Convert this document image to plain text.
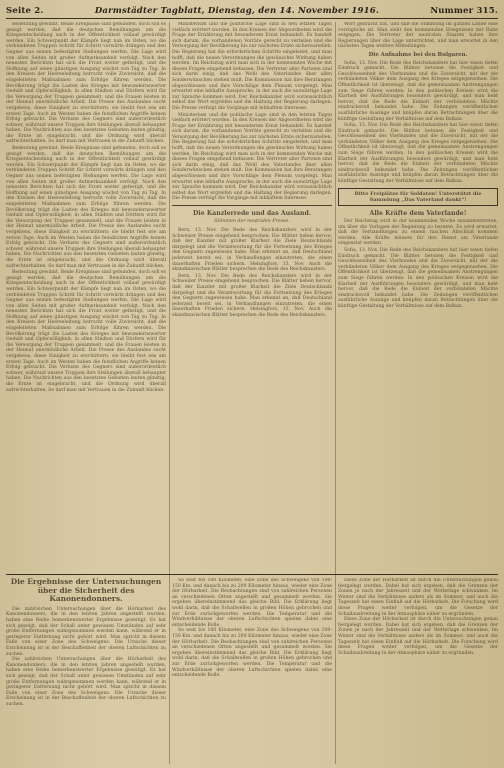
Seite 2.	Darmstädter Tagblatt, Dienstag, den 14. November 1916.	Nummer 315.

Bedeutung gewinnt. Beide Ereignisse sind gebunden, doch soll es gesagt werden, daß die deutschen Bemühungen um die Kriegsentscheidung auch in der Öffentlichkeit vollauf gewürdigt werden. Ein Schwerpunkt der Kämpfe liegt nun im Osten, wo die verbündeten Truppen Schritt für Schritt vorwärts drängen und den Gegner aus seinen befestigten Stellungen werfen. Die Lage wird von allen Seiten mit großer Aufmerksamkeit verfolgt. Nach den neuesten Berichten hat sich die Front weiter gefestigt, und die Hoffnung auf einen günstigen Ausgang wächst von Tag zu Tag. In den Kreisen der Heeresleitung herrscht volle Zuversicht, daß die eingeleiteten Maßnahmen zum Erfolge führen werden. Die Bevölkerung trägt die Lasten des Krieges mit bewundernswerter Geduld und Opferwilligkeit; in allen Städten und Dörfern wird für die Versorgung der Truppen gesammelt, und die Frauen leisten in der Heimat unermüdliche Arbeit. Die Presse des Auslandes sucht vergebens, diese Einigkeit zu erschüttern; sie bleibt fest wie am ersten Tage. Auch im Westen haben die feindlichen Angriffe keinen Erfolg gebracht. Die Verluste des Gegners sind außerordentlich schwer, während unsere Truppen ihre Stellungen überall behauptet haben. Die Nachrichten aus den besetzten Gebieten lauten günstig; die Ernte ist eingebracht, und die Ordnung wird überall aufrechterhalten. So darf man mit Vertrauen in die Zukunft blicken.

Bedeutung gewinnt. Beide Ereignisse sind gebunden, doch soll es gesagt werden, daß die deutschen Bemühungen um die Kriegsentscheidung auch in der Öffentlichkeit vollauf gewürdigt werden. Ein Schwerpunkt der Kämpfe liegt nun im Osten, wo die verbündeten Truppen Schritt für Schritt vorwärts drängen und den Gegner aus seinen befestigten Stellungen werfen. Die Lage wird von allen Seiten mit großer Aufmerksamkeit verfolgt. Nach den neuesten Berichten hat sich die Front weiter gefestigt, und die Hoffnung auf einen günstigen Ausgang wächst von Tag zu Tag. In den Kreisen der Heeresleitung herrscht volle Zuversicht, daß die eingeleiteten Maßnahmen zum Erfolge führen werden. Die Bevölkerung trägt die Lasten des Krieges mit bewundernswerter Geduld und Opferwilligkeit; in allen Städten und Dörfern wird für die Versorgung der Truppen gesammelt, und die Frauen leisten in der Heimat unermüdliche Arbeit. Die Presse des Auslandes sucht vergebens, diese Einigkeit zu erschüttern; sie bleibt fest wie am ersten Tage. Auch im Westen haben die feindlichen Angriffe keinen Erfolg gebracht. Die Verluste des Gegners sind außerordentlich schwer, während unsere Truppen ihre Stellungen überall behauptet haben. Die Nachrichten aus den besetzten Gebieten lauten günstig; die Ernte ist eingebracht, und die Ordnung wird überall aufrechterhalten. So darf man mit Vertrauen in die Zukunft blicken.

Bedeutung gewinnt. Beide Ereignisse sind gebunden, doch soll es gesagt werden, daß die deutschen Bemühungen um die Kriegsentscheidung auch in der Öffentlichkeit vollauf gewürdigt werden. Ein Schwerpunkt der Kämpfe liegt nun im Osten, wo die verbündeten Truppen Schritt für Schritt vorwärts drängen und den Gegner aus seinen befestigten Stellungen werfen. Die Lage wird von allen Seiten mit großer Aufmerksamkeit verfolgt. Nach den neuesten Berichten hat sich die Front weiter gefestigt, und die Hoffnung auf einen günstigen Ausgang wächst von Tag zu Tag. In den Kreisen der Heeresleitung herrscht volle Zuversicht, daß die eingeleiteten Maßnahmen zum Erfolge führen werden. Die Bevölkerung trägt die Lasten des Krieges mit bewundernswerter Geduld und Opferwilligkeit; in allen Städten und Dörfern wird für die Versorgung der Truppen gesammelt, und die Frauen leisten in der Heimat unermüdliche Arbeit. Die Presse des Auslandes sucht vergebens, diese Einigkeit zu erschüttern; sie bleibt fest wie am ersten Tage. Auch im Westen haben die feindlichen Angriffe keinen Erfolg gebracht. Die Verluste des Gegners sind außerordentlich schwer, während unsere Truppen ihre Stellungen überall behauptet haben. Die Nachrichten aus den besetzten Gebieten lauten günstig; die Ernte ist eingebracht, und die Ordnung wird überall aufrechterhalten. So darf man mit Vertrauen in die Zukunft blicken.

Ministerium und die politische Lage sind in den letzten Tagen vielfach erörtert worden. In den Kreisen der Abgeordneten wird die Frage der Ernährung mit besonderem Ernst behandelt. Es handelt sich darum, die vorhandenen Vorräte gerecht zu verteilen und die Versorgung der Bevölkerung bis zur nächsten Ernte sicherzustellen. Die Regierung hat die erforderlichen Schritte eingeleitet, und man hofft, daß die neuen Verordnungen die gewünschte Wirkung haben werden. Im Reichstag wird man sich in der kommenden Woche mit diesen Fragen eingehend befassen. Die Vertreter aller Parteien sind sich darin einig, daß das Wohl des Vaterlandes über allen Sonderwünschen stehen muß. Die Kommission hat ihre Beratungen abgeschlossen und ihre Vorschläge dem Plenum vorgelegt. Man erwartet eine lebhafte Aussprache, in der auch die auswärtige Lage zur Sprache kommen wird. Der Reichskanzler wird voraussichtlich selbst das Wort ergreifen und die Haltung der Regierung darlegen. Die Presse verfolgt die Vorgänge mit lebhaftem Interesse.

Ministerium und die politische Lage sind in den letzten Tagen vielfach erörtert worden. In den Kreisen der Abgeordneten wird die Frage der Ernährung mit besonderem Ernst behandelt. Es handelt sich darum, die vorhandenen Vorräte gerecht zu verteilen und die Versorgung der Bevölkerung bis zur nächsten Ernte sicherzustellen. Die Regierung hat die erforderlichen Schritte eingeleitet, und man hofft, daß die neuen Verordnungen die gewünschte Wirkung haben werden. Im Reichstag wird man sich in der kommenden Woche mit diesen Fragen eingehend befassen. Die Vertreter aller Parteien sind sich darin einig, daß das Wohl des Vaterlandes über allen Sonderwünschen stehen muß. Die Kommission hat ihre Beratungen abgeschlossen und ihre Vorschläge dem Plenum vorgelegt. Man erwartet eine lebhafte Aussprache, in der auch die auswärtige Lage zur Sprache kommen wird. Der Reichskanzler wird voraussichtlich selbst das Wort ergreifen und die Haltung der Regierung darlegen. Die Presse verfolgt die Vorgänge mit lebhaftem Interesse.

Die Kanzlerrede und das Ausland.
Stimmen der neutralen Presse.

Bern, 13. Nov. Die Rede des Reichskanzlers wird in der Schweizer Presse eingehend besprochen. Die Blätter heben hervor, daß der Kanzler mit großer Klarheit die Ziele Deutschlands dargelegt und die Verantwortung für die Fortsetzung des Krieges den Gegnern zugewiesen habe. Man erkennt an, daß Deutschland jederzeit bereit sei, in Verhandlungen einzutreten, die einen dauerhaften Frieden sichern. Helsingfors, 13. Nov. Auch die skandinavischen Blätter besprechen die Rede des Reichskanzlers.

Bern, 13. Nov. Die Rede des Reichskanzlers wird in der Schweizer Presse eingehend besprochen. Die Blätter heben hervor, daß der Kanzler mit großer Klarheit die Ziele Deutschlands dargelegt und die Verantwortung für die Fortsetzung des Krieges den Gegnern zugewiesen habe. Man erkennt an, daß Deutschland jederzeit bereit sei, in Verhandlungen einzutreten, die einen dauerhaften Frieden sichern. Helsingfors, 13. Nov. Auch die skandinavischen Blätter besprechen die Rede des Reichskanzlers.

Wort gebracht hat, und daß die Stimmung im ganzen Lande eine vorzügliche ist. Man sieht den kommenden Ereignissen mit Ruhe entgegen. Die Vertreter der neutralen Staaten haben ihre Regierungen über die Lage unterrichtet, und man erwartet in den nächsten Tagen weitere Mitteilungen.

Die Aufnahme bei den Bulgaren.

Sofia, 13. Nov. Die Rede des Reichskanzlers hat hier einen tiefen Eindruck gemacht. Die Blätter betonen die Festigkeit und Geschlossenheit des Vierbundes und die Zuversicht, mit der die verbündeten Völker dem Ausgang des Krieges entgegensehen. Die Öffentlichkeit ist überzeugt, daß die gemeinsamen Anstrengungen zum Siege führen werden. In den politischen Kreisen wird die Klarheit der Ausführungen besonders gewürdigt, und man hebt hervor, daß die Rede die Einheit der verbündeten Mächte eindrucksvoll bekundet habe. Die Zeitungen veröffentlichen ausführliche Auszüge und knüpfen daran Betrachtungen über die künftige Gestaltung der Verhältnisse auf dem Balkan.

Sofia, 13. Nov. Die Rede des Reichskanzlers hat hier einen tiefen Eindruck gemacht. Die Blätter betonen die Festigkeit und Geschlossenheit des Vierbundes und die Zuversicht, mit der die verbündeten Völker dem Ausgang des Krieges entgegensehen. Die Öffentlichkeit ist überzeugt, daß die gemeinsamen Anstrengungen zum Siege führen werden. In den politischen Kreisen wird die Klarheit der Ausführungen besonders gewürdigt, und man hebt hervor, daß die Rede die Einheit der verbündeten Mächte eindrucksvoll bekundet habe. Die Zeitungen veröffentlichen ausführliche Auszüge und knüpfen daran Betrachtungen über die künftige Gestaltung der Verhältnisse auf dem Balkan.

Bitte Freiplätze für Soldaten! Unterstützt die Sammlung „Das Vaterland dankt“!
Alle Kräfte dem Vaterlande!

Der Reichstag wird in der kommenden Woche zusammentreten, um über die Vorlagen der Regierung zu beraten. Es wird erwartet, daß die Verhandlungen zu einem raschen Abschluß kommen werden. Alle Kräfte müssen für den Dienst am Vaterlande eingesetzt werden.

Sofia, 13. Nov. Die Rede des Reichskanzlers hat hier einen tiefen Eindruck gemacht. Die Blätter betonen die Festigkeit und Geschlossenheit des Vierbundes und die Zuversicht, mit der die verbündeten Völker dem Ausgang des Krieges entgegensehen. Die Öffentlichkeit ist überzeugt, daß die gemeinsamen Anstrengungen zum Siege führen werden. In den politischen Kreisen wird die Klarheit der Ausführungen besonders gewürdigt, und man hebt hervor, daß die Rede die Einheit der verbündeten Mächte eindrucksvoll bekundet habe. Die Zeitungen veröffentlichen ausführliche Auszüge und knüpfen daran Betrachtungen über die künftige Gestaltung der Verhältnisse auf dem Balkan.

Die Ergebnisse der Untersuchungen über die Sicherheit des Kanonendonners.

Die zahlreichen Untersuchungen über die Hörbarkeit des Kanonendonners, die in den letzten Jahren angestellt wurden, haben eine Reihe bemerkenswerter Ergebnisse gezeitigt. Es hat sich gezeigt, daß der Schall unter gewissen Umständen auf sehr große Entfernungen wahrgenommen werden kann, während er in geringerer Entfernung nicht gehört wird. Man spricht in diesem Falle von einer Zone des Schweigens. Die Ursache dieser Erscheinung ist in der Beschaffenheit der oberen Luftschichten zu suchen.

Die zahlreichen Untersuchungen über die Hörbarkeit des Kanonendonners, die in den letzten Jahren angestellt wurden, haben eine Reihe bemerkenswerter Ergebnisse gezeitigt. Es hat sich gezeigt, daß der Schall unter gewissen Umständen auf sehr große Entfernungen wahrgenommen werden kann, während er in geringerer Entfernung nicht gehört wird. Man spricht in diesem Falle von einer Zone des Schweigens. Die Ursache dieser Erscheinung ist in der Beschaffenheit der oberen Luftschichten zu suchen.

So weit bis 100 Kilometer, eine Zone des Schweigens von 100-150 Km. und danach bis zu 200 Kilometer hinaus, wieder eine Zone der Hörbarkeit. Die Beobachtungen sind von zahlreichen Personen an verschiedenen Orten angestellt und gesammelt worden. Sie ergeben übereinstimmend das gleiche Bild. Die Erklärung liegt wohl darin, daß die Schallwellen in großen Höhen gebrochen und zur Erde zurückgeworfen werden. Die Temperatur und die Windverhältnisse der oberen Luftschichten spielen dabei eine entscheidende Rolle.

So weit bis 100 Kilometer, eine Zone des Schweigens von 100-150 Km. und danach bis zu 200 Kilometer hinaus, wieder eine Zone der Hörbarkeit. Die Beobachtungen sind von zahlreichen Personen an verschiedenen Orten angestellt und gesammelt worden. Sie ergeben übereinstimmend das gleiche Bild. Die Erklärung liegt wohl darin, daß die Schallwellen in großen Höhen gebrochen und zur Erde zurückgeworfen werden. Die Temperatur und die Windverhältnisse der oberen Luftschichten spielen dabei eine entscheidende Rolle.

Diese Zone der Hörbarkeit ist durch die Untersuchungen genau festgelegt worden. Dabei hat sich ergeben, daß die Grenzen der Zonen je nach der Jahreszeit und der Wetterlage schwanken. Im Winter sind die Verhältnisse anders als im Sommer, und auch die Tageszeit hat einen Einfluß auf die Hörbarkeit. Die Forschung wird diese Fragen weiter verfolgen, um die Gesetze der Schallausbreitung in der Atmosphäre näher zu ergründen.

Diese Zone der Hörbarkeit ist durch die Untersuchungen genau festgelegt worden. Dabei hat sich ergeben, daß die Grenzen der Zonen je nach der Jahreszeit und der Wetterlage schwanken. Im Winter sind die Verhältnisse anders als im Sommer, und auch die Tageszeit hat einen Einfluß auf die Hörbarkeit. Die Forschung wird diese Fragen weiter verfolgen, um die Gesetze der Schallausbreitung in der Atmosphäre näher zu ergründen.
